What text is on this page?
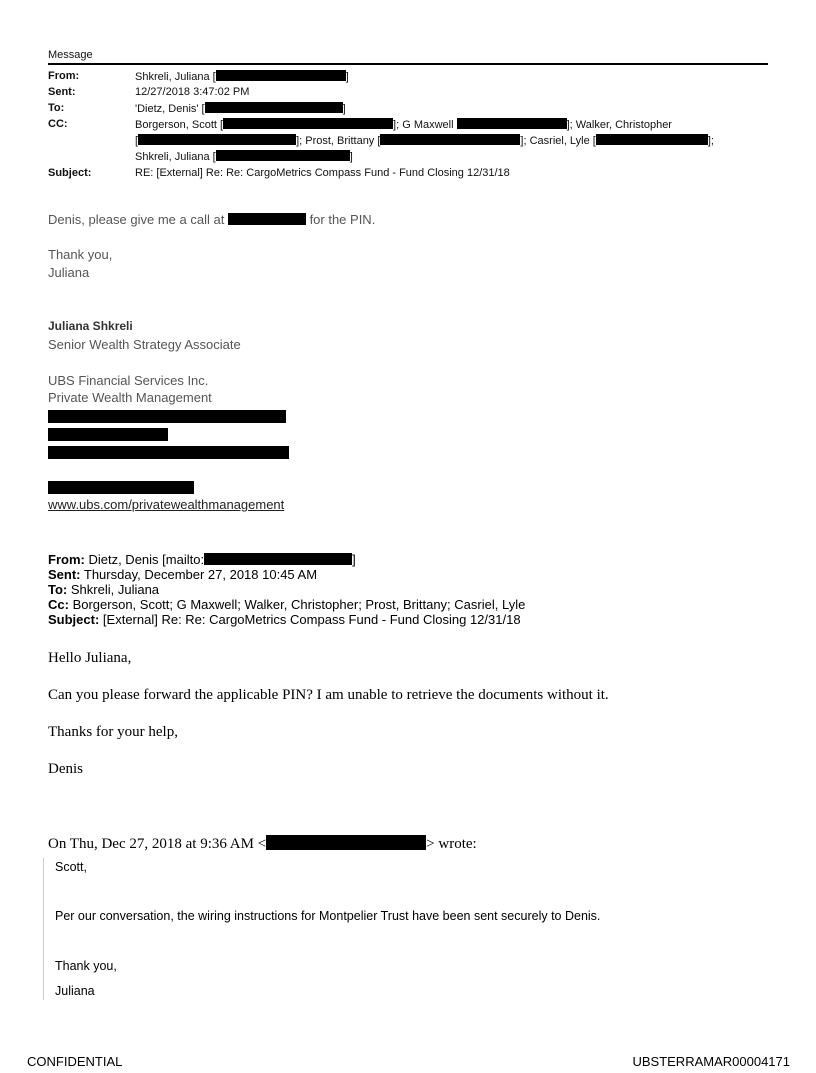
Message
From:	Shkreli, Juliana [	]
Sent:	12/27/2018 3:47:02 PM
To:	'Dietz, Denis' [	]
CC:	Borgerson, Scott [	]; G Maxwell	]; Walker, Christopher
[	]; Prost, Brittany [	]; Casriel, Lyle [	];
Shkreli, Juliana [	]
Subject:	RE: [External] Re: Re: CargoMetrics Compass Fund - Fund Closing 12/31/18
Denis, please give me a call at	for the PIN.
Thank you,
Juliana
Juliana Shkreli
Senior Wealth Strategy Associate
UBS Financial Services Inc.
Private Wealth Management
www.ubs.com/privatewealthmanagement
From: Dietz, Denis [mailto:	]
Sent: Thursday, December 27, 2018 10:45 AM
To: Shkreli, Juliana
Cc: Borgerson, Scott; G Maxwell; Walker, Christopher; Prost, Brittany; Casriel, Lyle
Subject: [External] Re: Re: CargoMetrics Compass Fund - Fund Closing 12/31/18
Hello Juliana,
Can you please forward the applicable PIN? I am unable to retrieve the documents without it.
Thanks for your help,
Denis
On Thu, Dec 27, 2018 at 9:36 AM <	> wrote:
Scott,
Per our conversation, the wiring instructions for Montpelier Trust have been sent securely to Denis.
Thank you,
Juliana
CONFIDENTIAL	UBSTERRAMAR00004171
